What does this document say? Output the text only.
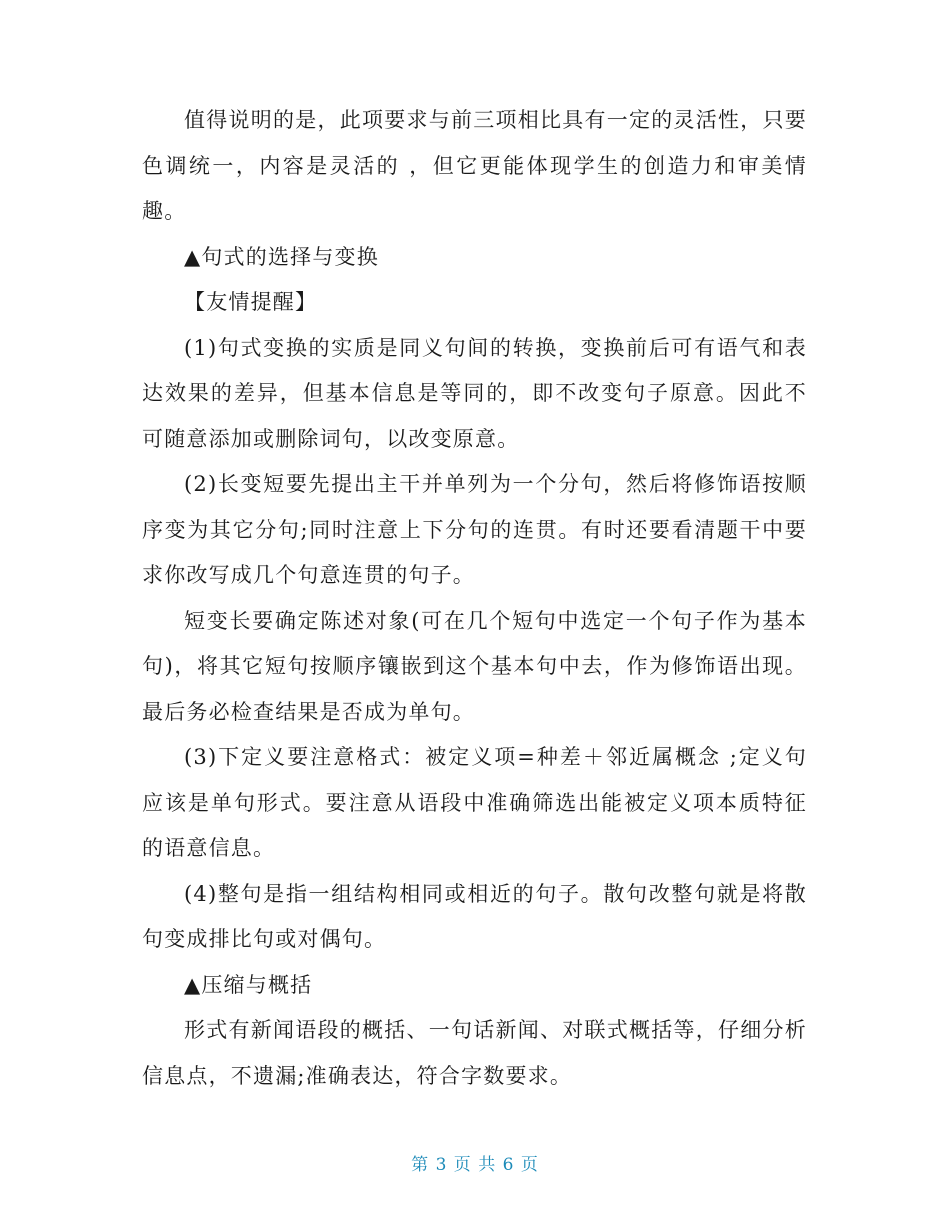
值得说明的是，此项要求与前三项相比具有一定的灵活性，只要色调统一，内容是灵活的 ，但它更能体现学生的创造力和审美情趣。

▲句式的选择与变换

【友情提醒】

(1)句式变换的实质是同义句间的转换，变换前后可有语气和表达效果的差异，但基本信息是等同的，即不改变句子原意。因此不可随意添加或删除词句，以改变原意。

(2)长变短要先提出主干并单列为一个分句，然后将修饰语按顺序变为其它分句;同时注意上下分句的连贯。有时还要看清题干中要求你改写成几个句意连贯的句子。

短变长要确定陈述对象(可在几个短句中选定一个句子作为基本句)，将其它短句按顺序镶嵌到这个基本句中去，作为修饰语出现。最后务必检查结果是否成为单句。

(3)下定义要注意格式：被定义项=种差＋邻近属概念 ;定义句应该是单句形式。要注意从语段中准确筛选出能被定义项本质特征的语意信息。

(4)整句是指一组结构相同或相近的句子。散句改整句就是将散句变成排比句或对偶句。

▲压缩与概括

形式有新闻语段的概括、一句话新闻、对联式概括等，仔细分析信息点，不遗漏;准确表达，符合字数要求。

第 3 页 共 6 页
